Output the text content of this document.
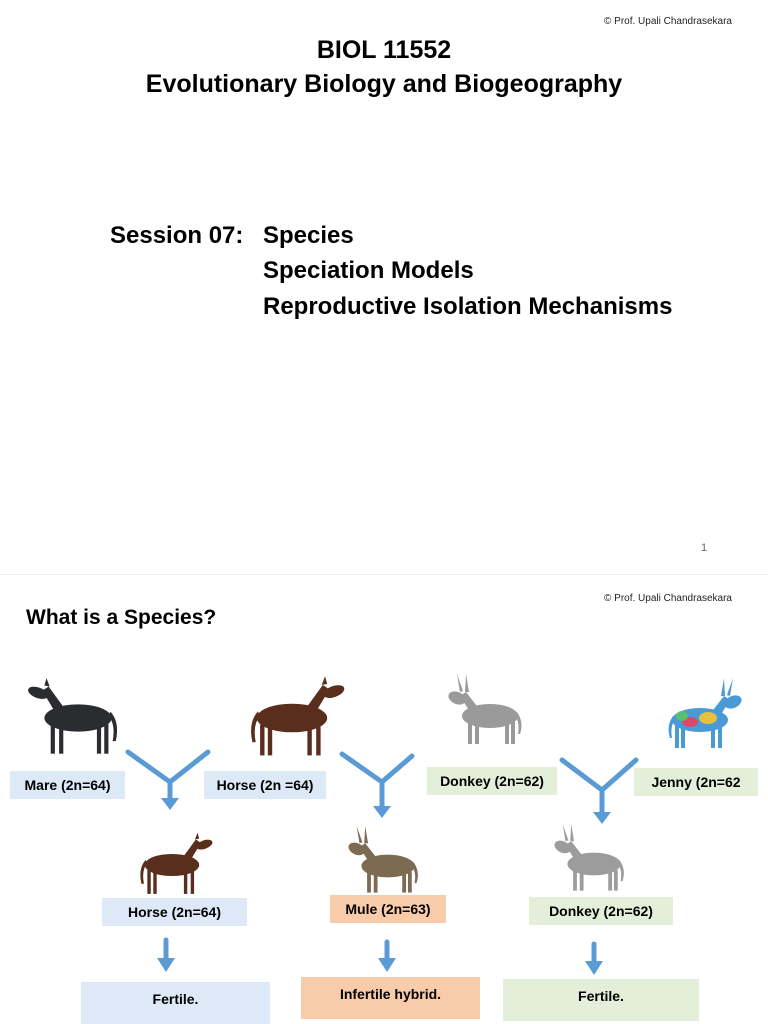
© Prof. Upali Chandrasekara
BIOL 11552
Evolutionary Biology and Biogeography
Session 07: Species
Speciation Models
Reproductive Isolation Mechanisms
1
© Prof. Upali Chandrasekara
What is a Species?
Mare (2n=64)	Horse (2n =64)	Donkey (2n=62)	Jenny (2n=62
Horse (2n=64)	Mule (2n=63)	Donkey (2n=62)
Fertile.	Infertile hybrid.	Fertile.
